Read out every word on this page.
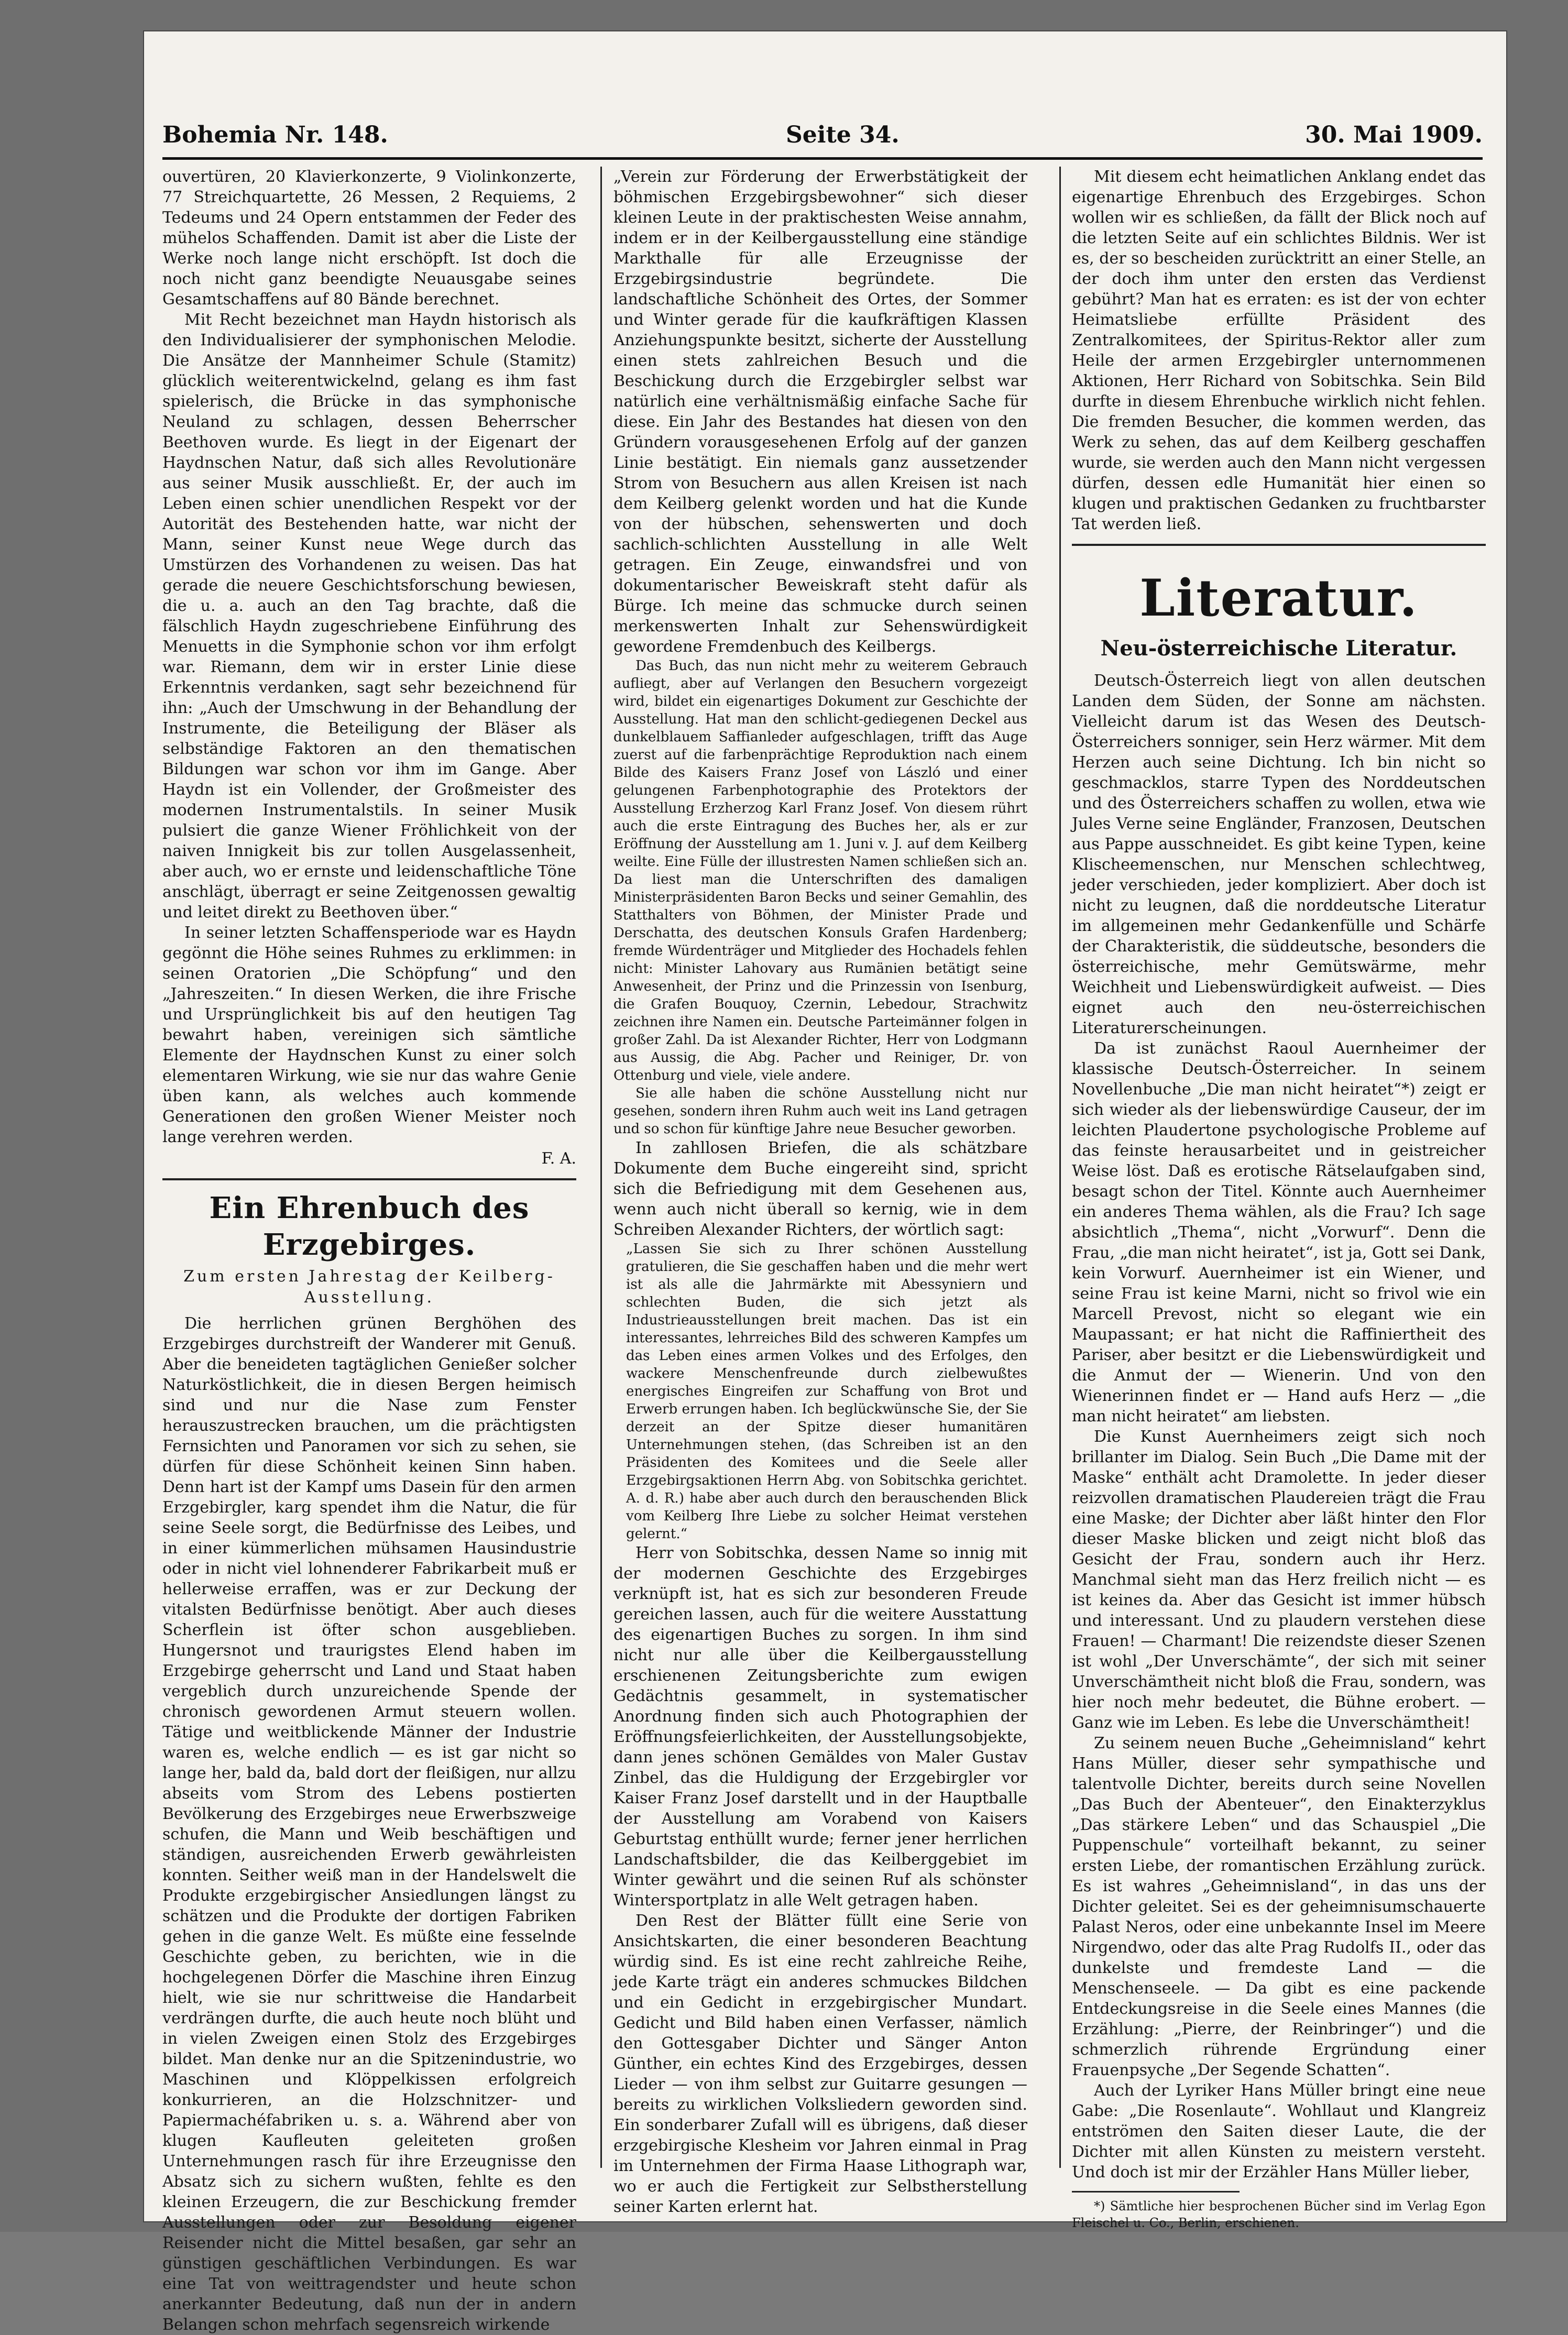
Bohemia Nr. 148.	Seite 34.	30. Mai 1909.

ouvertüren, 20 Klavierkonzerte, 9 Violinkonzerte, 77 Streichquartette, 26 Messen, 2 Requiems, 2 Tedeums und 24 Opern entstammen der Feder des mühelos Schaffenden. Damit ist aber die Liste der Werke noch lange nicht erschöpft. Ist doch die noch nicht ganz beendigte Neuausgabe seines Gesamtschaffens auf 80 Bände berechnet.

Mit Recht bezeichnet man Haydn historisch als den Individualisierer der symphonischen Melodie. Die Ansätze der Mannheimer Schule (Stamitz) glücklich weiterentwickelnd, gelang es ihm fast spielerisch, die Brücke in das symphonische Neuland zu schlagen, dessen Beherrscher Beethoven wurde. Es liegt in der Eigenart der Haydnschen Natur, daß sich alles Revolutionäre aus seiner Musik ausschließt. Er, der auch im Leben einen schier unendlichen Respekt vor der Autorität des Bestehenden hatte, war nicht der Mann, seiner Kunst neue Wege durch das Umstürzen des Vorhandenen zu weisen. Das hat gerade die neuere Geschichtsforschung bewiesen, die u. a. auch an den Tag brachte, daß die fälschlich Haydn zugeschriebene Einführung des Menuetts in die Symphonie schon vor ihm erfolgt war. Riemann, dem wir in erster Linie diese Erkenntnis verdanken, sagt sehr bezeichnend für ihn: „Auch der Umschwung in der Behandlung der Instrumente, die Beteiligung der Bläser als selbständige Faktoren an den thematischen Bildungen war schon vor ihm im Gange. Aber Haydn ist ein Vollender, der Großmeister des modernen Instrumentalstils. In seiner Musik pulsiert die ganze Wiener Fröhlichkeit von der naiven Innigkeit bis zur tollen Ausgelassenheit, aber auch, wo er ernste und leidenschaftliche Töne anschlägt, überragt er seine Zeitgenossen gewaltig und leitet direkt zu Beethoven über.“

In seiner letzten Schaffensperiode war es Haydn gegönnt die Höhe seines Ruhmes zu erklimmen: in seinen Oratorien „Die Schöpfung“ und den „Jahreszeiten.“ In diesen Werken, die ihre Frische und Ursprünglichkeit bis auf den heutigen Tag bewahrt haben, vereinigen sich sämtliche Elemente der Haydnschen Kunst zu einer solch elementaren Wirkung, wie sie nur das wahre Genie üben kann, als welches auch kommende Generationen den großen Wiener Meister noch lange verehren werden.

F. A.
Ein Ehrenbuch des Erzgebirges.
Zum ersten Jahrestag der Keilberg-Ausstellung.

Die herrlichen grünen Berghöhen des Erzgebirges durchstreift der Wanderer mit Genuß. Aber die beneideten tagtäglichen Genießer solcher Naturköstlichkeit, die in diesen Bergen heimisch sind und nur die Nase zum Fenster herauszustrecken brauchen, um die prächtigsten Fernsichten und Panoramen vor sich zu sehen, sie dürfen für diese Schönheit keinen Sinn haben. Denn hart ist der Kampf ums Dasein für den armen Erzgebirgler, karg spendet ihm die Natur, die für seine Seele sorgt, die Bedürfnisse des Leibes, und in einer kümmerlichen mühsamen Hausindustrie oder in nicht viel lohnenderer Fabrikarbeit muß er hellerweise erraffen, was er zur Deckung der vitalsten Bedürfnisse benötigt. Aber auch dieses Scherflein ist öfter schon ausgeblieben. Hungersnot und traurigstes Elend haben im Erzgebirge geherrscht und Land und Staat haben vergeblich durch unzureichende Spende der chronisch gewordenen Armut steuern wollen. Tätige und weitblickende Männer der Industrie waren es, welche endlich — es ist gar nicht so lange her, bald da, bald dort der fleißigen, nur allzu abseits vom Strom des Lebens postierten Bevölkerung des Erzgebirges neue Erwerbszweige schufen, die Mann und Weib beschäftigen und ständigen, ausreichenden Erwerb gewährleisten konnten. Seither weiß man in der Handelswelt die Produkte erzgebirgischer Ansiedlungen längst zu schätzen und die Produkte der dortigen Fabriken gehen in die ganze Welt. Es müßte eine fesselnde Geschichte geben, zu berichten, wie in die hochgelegenen Dörfer die Maschine ihren Einzug hielt, wie sie nur schrittweise die Handarbeit verdrängen durfte, die auch heute noch blüht und in vielen Zweigen einen Stolz des Erzgebirges bildet. Man denke nur an die Spitzenindustrie, wo Maschinen und Klöppelkissen erfolgreich konkurrieren, an die Holzschnitzer- und Papiermachéfabriken u. s. a. Während aber von klugen Kaufleuten geleiteten großen Unternehmungen rasch für ihre Erzeugnisse den Absatz sich zu sichern wußten, fehlte es den kleinen Erzeugern, die zur Beschickung fremder Ausstellungen oder zur Besoldung eigener Reisender nicht die Mittel besaßen, gar sehr an günstigen geschäftlichen Verbindungen. Es war eine Tat von weittragendster und heute schon anerkannter Bedeutung, daß nun der in andern Belangen schon mehrfach segensreich wirkende

„Verein zur Förderung der Erwerbstätigkeit der böhmischen Erzgebirgsbewohner“ sich dieser kleinen Leute in der praktischesten Weise annahm, indem er in der Keilbergausstellung eine ständige Markthalle für alle Erzeugnisse der Erzgebirgsindustrie begründete. Die landschaftliche Schönheit des Ortes, der Sommer und Winter gerade für die kaufkräftigen Klassen Anziehungspunkte besitzt, sicherte der Ausstellung einen stets zahlreichen Besuch und die Beschickung durch die Erzgebirgler selbst war natürlich eine verhältnismäßig einfache Sache für diese. Ein Jahr des Bestandes hat diesen von den Gründern vorausgesehenen Erfolg auf der ganzen Linie bestätigt. Ein niemals ganz aussetzender Strom von Besuchern aus allen Kreisen ist nach dem Keilberg gelenkt worden und hat die Kunde von der hübschen, sehenswerten und doch sachlich-schlichten Ausstellung in alle Welt getragen. Ein Zeuge, einwandsfrei und von dokumentarischer Beweiskraft steht dafür als Bürge. Ich meine das schmucke durch seinen merkenswerten Inhalt zur Sehenswürdigkeit gewordene Fremdenbuch des Keilbergs.

Das Buch, das nun nicht mehr zu weiterem Gebrauch aufliegt, aber auf Verlangen den Besuchern vorgezeigt wird, bildet ein eigenartiges Dokument zur Geschichte der Ausstellung. Hat man den schlicht-gediegenen Deckel aus dunkelblauem Saffianleder aufgeschlagen, trifft das Auge zuerst auf die farbenprächtige Reproduktion nach einem Bilde des Kaisers Franz Josef von László und einer gelungenen Farbenphotographie des Protektors der Ausstellung Erzherzog Karl Franz Josef. Von diesem rührt auch die erste Eintragung des Buches her, als er zur Eröffnung der Ausstellung am 1. Juni v. J. auf dem Keilberg weilte. Eine Fülle der illustresten Namen schließen sich an. Da liest man die Unterschriften des damaligen Ministerpräsidenten Baron Becks und seiner Gemahlin, des Statthalters von Böhmen, der Minister Prade und Derschatta, des deutschen Konsuls Grafen Hardenberg; fremde Würdenträger und Mitglieder des Hochadels fehlen nicht: Minister Lahovary aus Rumänien betätigt seine Anwesenheit, der Prinz und die Prinzessin von Isenburg, die Grafen Bouquoy, Czernin, Lebedour, Strachwitz zeichnen ihre Namen ein. Deutsche Parteimänner folgen in großer Zahl. Da ist Alexander Richter, Herr von Lodgmann aus Aussig, die Abg. Pacher und Reiniger, Dr. von Ottenburg und viele, viele andere.

Sie alle haben die schöne Ausstellung nicht nur gesehen, sondern ihren Ruhm auch weit ins Land getragen und so schon für künftige Jahre neue Besucher geworben.

In zahllosen Briefen, die als schätzbare Dokumente dem Buche eingereiht sind, spricht sich die Befriedigung mit dem Gesehenen aus, wenn auch nicht überall so kernig, wie in dem Schreiben Alexander Richters, der wörtlich sagt:

„Lassen Sie sich zu Ihrer schönen Ausstellung gratulieren, die Sie geschaffen haben und die mehr wert ist als alle die Jahrmärkte mit Abessyniern und schlechten Buden, die sich jetzt als Industrieausstellungen breit machen. Das ist ein interessantes, lehrreiches Bild des schweren Kampfes um das Leben eines armen Volkes und des Erfolges, den wackere Menschenfreunde durch zielbewußtes energisches Eingreifen zur Schaffung von Brot und Erwerb errungen haben. Ich beglückwünsche Sie, der Sie derzeit an der Spitze dieser humanitären Unternehmungen stehen, (das Schreiben ist an den Präsidenten des Komitees und die Seele aller Erzgebirgsaktionen Herrn Abg. von Sobitschka gerichtet. A. d. R.) habe aber auch durch den berauschenden Blick vom Keilberg Ihre Liebe zu solcher Heimat verstehen gelernt.“

Herr von Sobitschka, dessen Name so innig mit der modernen Geschichte des Erzgebirges verknüpft ist, hat es sich zur besonderen Freude gereichen lassen, auch für die weitere Ausstattung des eigenartigen Buches zu sorgen. In ihm sind nicht nur alle über die Keilbergausstellung erschienenen Zeitungsberichte zum ewigen Gedächtnis gesammelt, in systematischer Anordnung finden sich auch Photographien der Eröffnungsfeierlichkeiten, der Ausstellungsobjekte, dann jenes schönen Gemäldes von Maler Gustav Zinbel, das die Huldigung der Erzgebirgler vor Kaiser Franz Josef darstellt und in der Hauptballe der Ausstellung am Vorabend von Kaisers Geburtstag enthüllt wurde; ferner jener herrlichen Landschaftsbilder, die das Keilberggebiet im Winter gewährt und die seinen Ruf als schönster Wintersportplatz in alle Welt getragen haben.

Den Rest der Blätter füllt eine Serie von Ansichtskarten, die einer besonderen Beachtung würdig sind. Es ist eine recht zahlreiche Reihe, jede Karte trägt ein anderes schmuckes Bildchen und ein Gedicht in erzgebirgischer Mundart. Gedicht und Bild haben einen Verfasser, nämlich den Gottesgaber Dichter und Sänger Anton Günther, ein echtes Kind des Erzgebirges, dessen Lieder — von ihm selbst zur Guitarre gesungen — bereits zu wirklichen Volksliedern geworden sind. Ein sonderbarer Zufall will es übrigens, daß dieser erzgebirgische Klesheim vor Jahren einmal in Prag im Unternehmen der Firma Haase Lithograph war, wo er auch die Fertigkeit zur Selbstherstellung seiner Karten erlernt hat.

Mit diesem echt heimatlichen Anklang endet das eigenartige Ehrenbuch des Erzgebirges. Schon wollen wir es schließen, da fällt der Blick noch auf die letzten Seite auf ein schlichtes Bildnis. Wer ist es, der so bescheiden zurücktritt an einer Stelle, an der doch ihm unter den ersten das Verdienst gebührt? Man hat es erraten: es ist der von echter Heimatsliebe erfüllte Präsident des Zentralkomitees, der Spiritus-Rektor aller zum Heile der armen Erzgebirgler unternommenen Aktionen, Herr Richard von Sobitschka. Sein Bild durfte in diesem Ehrenbuche wirklich nicht fehlen. Die fremden Besucher, die kommen werden, das Werk zu sehen, das auf dem Keilberg geschaffen wurde, sie werden auch den Mann nicht vergessen dürfen, dessen edle Humanität hier einen so klugen und praktischen Gedanken zu fruchtbarster Tat werden ließ.

Literatur.
Neu-österreichische Literatur.

Deutsch-Österreich liegt von allen deutschen Landen dem Süden, der Sonne am nächsten. Vielleicht darum ist das Wesen des Deutsch-Österreichers sonniger, sein Herz wärmer. Mit dem Herzen auch seine Dichtung. Ich bin nicht so geschmacklos, starre Typen des Norddeutschen und des Österreichers schaffen zu wollen, etwa wie Jules Verne seine Engländer, Franzosen, Deutschen aus Pappe ausschneidet. Es gibt keine Typen, keine Klischeemenschen, nur Menschen schlechtweg, jeder verschieden, jeder kompliziert. Aber doch ist nicht zu leugnen, daß die norddeutsche Literatur im allgemeinen mehr Gedankenfülle und Schärfe der Charakteristik, die süddeutsche, besonders die österreichische, mehr Gemütswärme, mehr Weichheit und Liebenswürdigkeit aufweist. — Dies eignet auch den neu-österreichischen Literaturerscheinungen.

Da ist zunächst Raoul Auernheimer der klassische Deutsch-Österreicher. In seinem Novellenbuche „Die man nicht heiratet“*) zeigt er sich wieder als der liebenswürdige Causeur, der im leichten Plaudertone psychologische Probleme auf das feinste herausarbeitet und in geistreicher Weise löst. Daß es erotische Rätselaufgaben sind, besagt schon der Titel. Könnte auch Auernheimer ein anderes Thema wählen, als die Frau? Ich sage absichtlich „Thema“, nicht „Vorwurf“. Denn die Frau, „die man nicht heiratet“, ist ja, Gott sei Dank, kein Vorwurf. Auernheimer ist ein Wiener, und seine Frau ist keine Marni, nicht so frivol wie ein Marcell Prevost, nicht so elegant wie ein Maupassant; er hat nicht die Raffiniertheit des Pariser, aber besitzt er die Liebenswürdigkeit und die Anmut der — Wienerin. Und von den Wienerinnen findet er — Hand aufs Herz — „die man nicht heiratet“ am liebsten.

Die Kunst Auernheimers zeigt sich noch brillanter im Dialog. Sein Buch „Die Dame mit der Maske“ enthält acht Dramolette. In jeder dieser reizvollen dramatischen Plaudereien trägt die Frau eine Maske; der Dichter aber läßt hinter den Flor dieser Maske blicken und zeigt nicht bloß das Gesicht der Frau, sondern auch ihr Herz. Manchmal sieht man das Herz freilich nicht — es ist keines da. Aber das Gesicht ist immer hübsch und interessant. Und zu plaudern verstehen diese Frauen! — Charmant! Die reizendste dieser Szenen ist wohl „Der Unverschämte“, der sich mit seiner Unverschämtheit nicht bloß die Frau, sondern, was hier noch mehr bedeutet, die Bühne erobert. — Ganz wie im Leben. Es lebe die Unverschämtheit!

Zu seinem neuen Buche „Geheimnisland“ kehrt Hans Müller, dieser sehr sympathische und talentvolle Dichter, bereits durch seine Novellen „Das Buch der Abenteuer“, den Einakterzyklus „Das stärkere Leben“ und das Schauspiel „Die Puppenschule“ vorteilhaft bekannt, zu seiner ersten Liebe, der romantischen Erzählung zurück. Es ist wahres „Geheimnisland“, in das uns der Dichter geleitet. Sei es der geheimnisumschauerte Palast Neros, oder eine unbekannte Insel im Meere Nirgendwo, oder das alte Prag Rudolfs II., oder das dunkelste und fremdeste Land — die Menschenseele. — Da gibt es eine packende Entdeckungsreise in die Seele eines Mannes (die Erzählung: „Pierre, der Reinbringer“) und die schmerzlich rührende Ergründung einer Frauenpsyche „Der Segende Schatten“.

Auch der Lyriker Hans Müller bringt eine neue Gabe: „Die Rosenlaute“. Wohllaut und Klangreiz entströmen den Saiten dieser Laute, die der Dichter mit allen Künsten zu meistern versteht. Und doch ist mir der Erzähler Hans Müller lieber,

*) Sämtliche hier besprochenen Bücher sind im Verlag Egon Fleischel u. Co., Berlin, erschienen.
